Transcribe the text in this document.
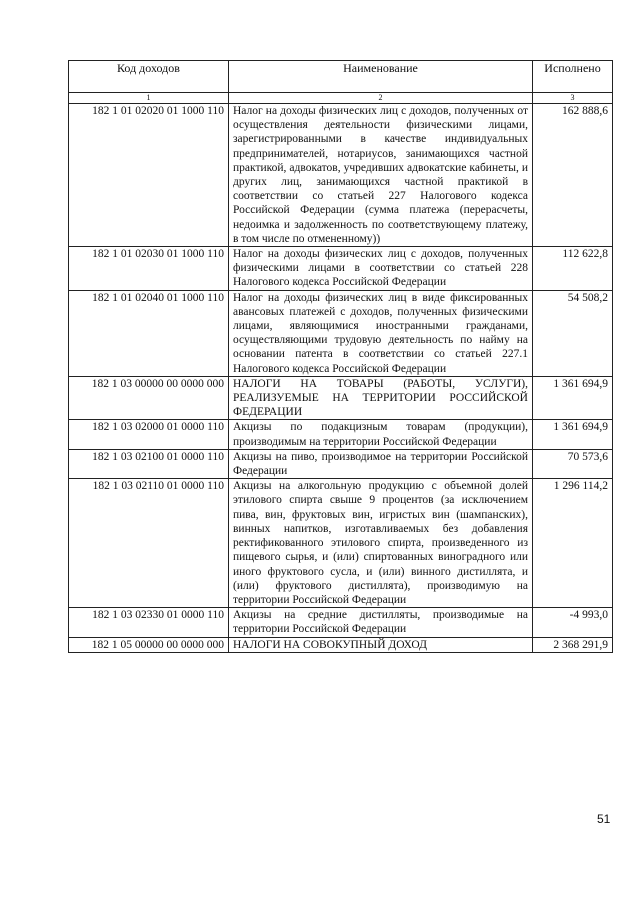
Код доходов	Наименование	Исполнено
1	2	3
182 1 01 02020 01 1000 110	Налог на доходы физических лиц с доходов, полученных от осуществления деятельности физическими лицами, зарегистрированными в качестве индивидуальных предпринимателей, нотариусов, занимающихся частной практикой, адвокатов, учредивших адвокатские кабинеты, и других лиц, занимающихся частной практикой в соответствии со статьей 227 Налогового кодекса Российской Федерации (сумма платежа (перерасчеты, недоимка и задолженность по соответствующему платежу, в том числе по отмененному))	162 888,6
182 1 01 02030 01 1000 110	Налог на доходы физических лиц с доходов, полученных физическими лицами в соответствии со статьей 228 Налогового кодекса Российской Федерации	112 622,8
182 1 01 02040 01 1000 110	Налог на доходы физических лиц в виде фиксированных авансовых платежей с доходов, полученных физическими лицами, являющимися иностранными гражданами, осуществляющими трудовую деятельность по найму на основании патента в соответствии со статьей 227.1 Налогового кодекса Российской Федерации	54 508,2
182 1 03 00000 00 0000 000	НАЛОГИ НА ТОВАРЫ (РАБОТЫ, УСЛУГИ), РЕАЛИЗУЕМЫЕ НА ТЕРРИТОРИИ РОССИЙСКОЙ ФЕДЕРАЦИИ	1 361 694,9
182 1 03 02000 01 0000 110	Акцизы по подакцизным товарам (продукции), производимым на территории Российской Федерации	1 361 694,9
182 1 03 02100 01 0000 110	Акцизы на пиво, производимое на территории Российской Федерации	70 573,6
182 1 03 02110 01 0000 110	Акцизы на алкогольную продукцию с объемной долей этилового спирта свыше 9 процентов (за исключением пива, вин, фруктовых вин, игристых вин (шампанских), винных напитков, изготавливаемых без добавления ректификованного этилового спирта, произведенного из пищевого сырья, и (или) спиртованных виноградного или иного фруктового сусла, и (или) винного дистиллята, и (или) фруктового дистиллята), производимую на территории Российской Федерации	1 296 114,2
182 1 03 02330 01 0000 110	Акцизы на средние дистилляты, производимые на территории Российской Федерации	-4 993,0
182 1 05 00000 00 0000 000	НАЛОГИ НА СОВОКУПНЫЙ ДОХОД	2 368 291,9
51
